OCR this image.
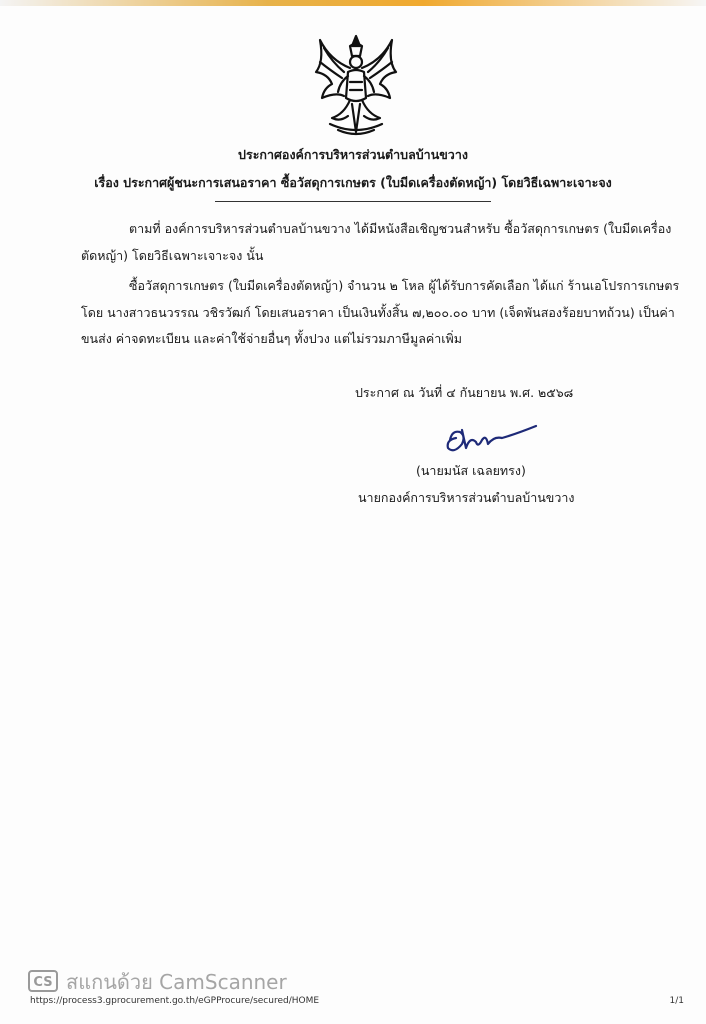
ประกาศองค์การบริหารส่วนตำบลบ้านขวาง
เรื่อง ประกาศผู้ชนะการเสนอราคา ซื้อวัสดุการเกษตร (ใบมีดเครื่องตัดหญ้า) โดยวิธีเฉพาะเจาะจง
ตามที่ องค์การบริหารส่วนตำบลบ้านขวาง ได้มีหนังสือเชิญชวนสำหรับ ซื้อวัสดุการเกษตร (ใบมีดเครื่อง
ตัดหญ้า) โดยวิธีเฉพาะเจาะจง นั้น
ซื้อวัสดุการเกษตร (ใบมีดเครื่องตัดหญ้า) จำนวน ๒ โหล ผู้ได้รับการคัดเลือก ได้แก่ ร้านเอโปรการเกษตร
โดย นางสาวธนวรรณ วชิรวัฒก์ โดยเสนอราคา เป็นเงินทั้งสิ้น ๗,๒๐๐.๐๐ บาท (เจ็ดพันสองร้อยบาทถ้วน) เป็นค่า
ขนส่ง ค่าจดทะเบียน และค่าใช้จ่ายอื่นๆ ทั้งปวง แต่ไม่รวมภาษีมูลค่าเพิ่ม
ประกาศ ณ วันที่ ๔ กันยายน พ.ศ. ๒๕๖๘
(นายมนัส เฉลยทรง)
นายกองค์การบริหารส่วนตำบลบ้านขวาง
CS สแกนด้วย CamScanner
https://process3.gprocurement.go.th/eGPProcure/secured/HOME	1/1
